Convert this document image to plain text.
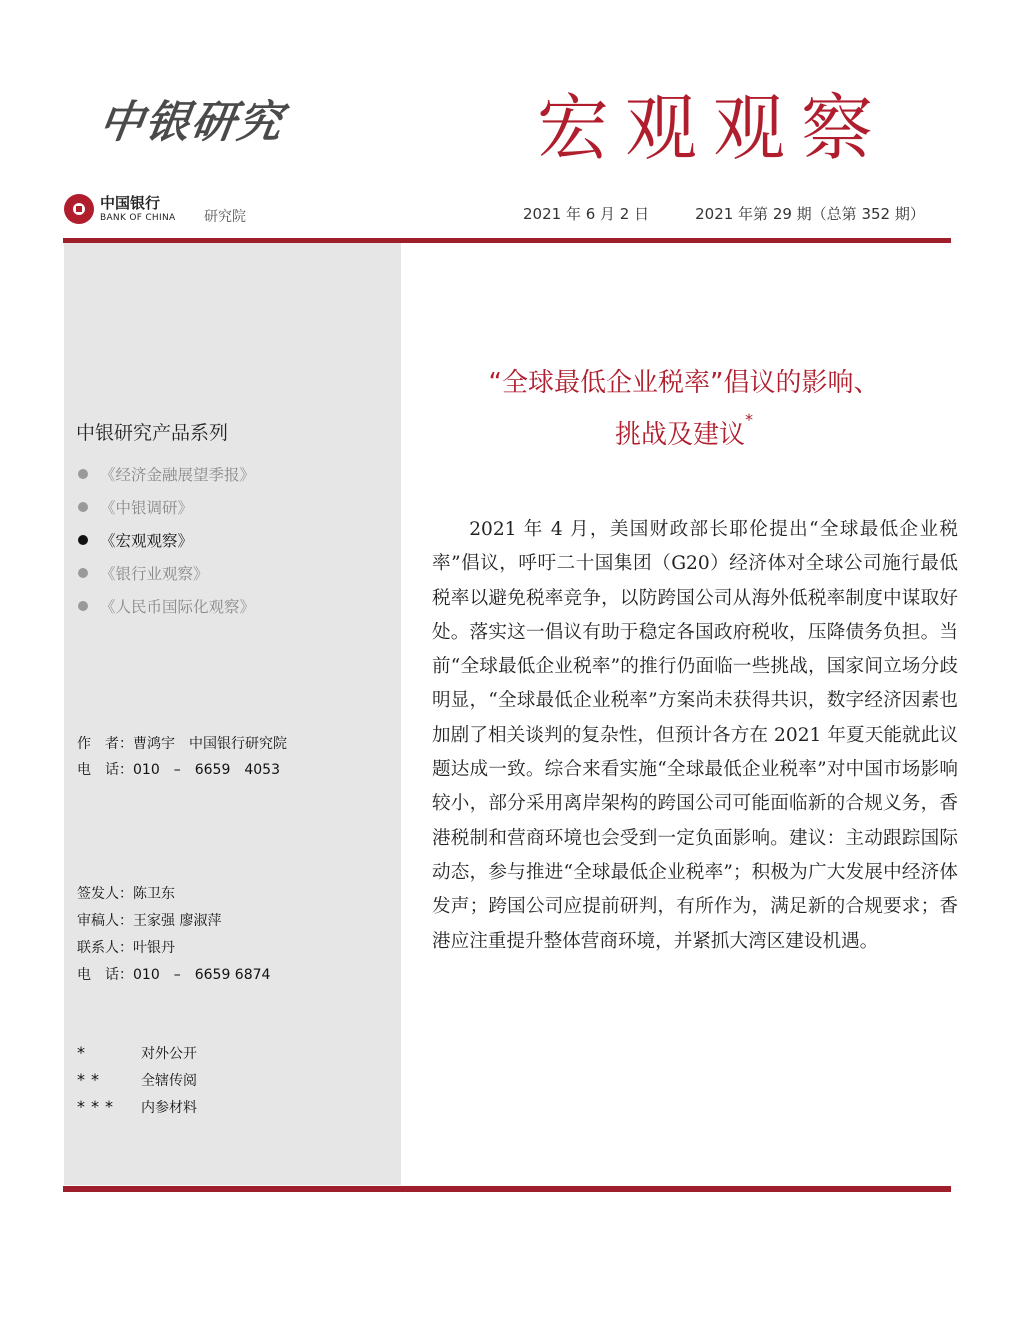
中银研究	宏观观察
中国银行
BANK OF CHINA 研究院	2021 年 6 月 2 日	2021 年第 29 期（总第 352 期）
中银研究产品系列
《经济金融展望季报》
《中银调研》
《宏观观察》
《银行业观察》
《人民币国际化观察》
作　者：曹鸿宇　中国银行研究院
电　话：010　–　6659　4053
签发人：陈卫东
审稿人：王家强 廖淑萍
联系人：叶银丹
电　话：010　–　6659 6874
*	对外公开
**	全辖传阅
*** 内参材料
“全球最低企业税率”倡议的影响、
挑战及建议*

2021 年 4 月，美国财政部长耶伦提出“全球最低企业税率”倡议，呼吁二十国集团（G20）经济体对全球公司施行最低税率以避免税率竞争，以防跨国公司从海外低税率制度中谋取好处。落实这一倡议有助于稳定各国政府税收，压降债务负担。当前“全球最低企业税率”的推行仍面临一些挑战，国家间立场分歧明显，“全球最低企业税率”方案尚未获得共识，数字经济因素也加剧了相关谈判的复杂性，但预计各方在 2021 年夏天能就此议题达成一致。综合来看实施“全球最低企业税率”对中国市场影响较小，部分采用离岸架构的跨国公司可能面临新的合规义务，香港税制和营商环境也会受到一定负面影响。建议：主动跟踪国际动态，参与推进“全球最低企业税率”；积极为广大发展中经济体发声；跨国公司应提前研判，有所作为，满足新的合规要求；香港应注重提升整体营商环境，并紧抓大湾区建设机遇。
